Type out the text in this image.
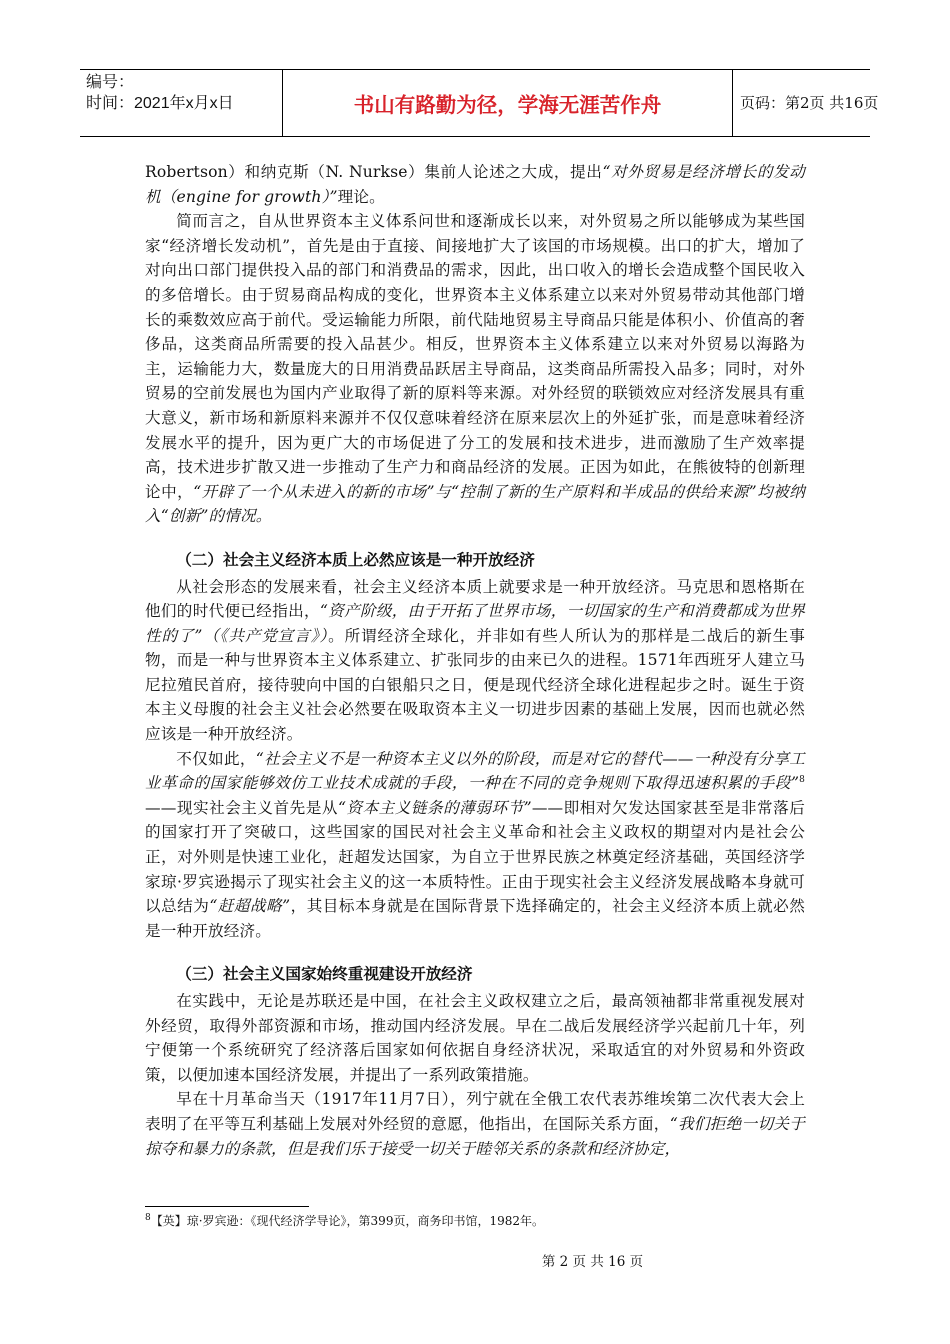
编号：
时间：2021年x月x日	书山有路勤为径，学海无涯苦作舟	页码：第2页 共16页

Robertson）和纳克斯（N. Nurkse）集前人论述之大成，提出“对外贸易是经济增长的发动机（engine for growth）”理论。

简而言之，自从世界资本主义体系问世和逐渐成长以来，对外贸易之所以能够成为某些国家“经济增长发动机”，首先是由于直接、间接地扩大了该国的市场规模。出口的扩大，增加了对向出口部门提供投入品的部门和消费品的需求，因此，出口收入的增长会造成整个国民收入的多倍增长。由于贸易商品构成的变化，世界资本主义体系建立以来对外贸易带动其他部门增长的乘数效应高于前代。受运输能力所限，前代陆地贸易主导商品只能是体积小、价值高的奢侈品，这类商品所需要的投入品甚少。相反，世界资本主义体系建立以来对外贸易以海路为主，运输能力大，数量庞大的日用消费品跃居主导商品，这类商品所需投入品多；同时，对外贸易的空前发展也为国内产业取得了新的原料等来源。对外经贸的联锁效应对经济发展具有重大意义，新市场和新原料来源并不仅仅意味着经济在原来层次上的外延扩张，而是意味着经济发展水平的提升，因为更广大的市场促进了分工的发展和技术进步，进而激励了生产效率提高，技术进步扩散又进一步推动了生产力和商品经济的发展。正因为如此，在熊彼特的创新理论中，“开辟了一个从未进入的新的市场”与“控制了新的生产原料和半成品的供给来源”均被纳入“创新”的情况。

（二）社会主义经济本质上必然应该是一种开放经济

从社会形态的发展来看，社会主义经济本质上就要求是一种开放经济。马克思和恩格斯在他们的时代便已经指出，“资产阶级，由于开拓了世界市场，一切国家的生产和消费都成为世界性的了”（《共产党宣言》）。所谓经济全球化，并非如有些人所认为的那样是二战后的新生事物，而是一种与世界资本主义体系建立、扩张同步的由来已久的进程。1571年西班牙人建立马尼拉殖民首府，接待驶向中国的白银船只之日，便是现代经济全球化进程起步之时。诞生于资本主义母腹的社会主义社会必然要在吸取资本主义一切进步因素的基础上发展，因而也就必然应该是一种开放经济。

不仅如此，“社会主义不是一种资本主义以外的阶段，而是对它的替代——一种没有分享工业革命的国家能够效仿工业技术成就的手段，一种在不同的竞争规则下取得迅速积累的手段”$^8$——现实社会主义首先是从“资本主义链条的薄弱环节”——即相对欠发达国家甚至是非常落后的国家打开了突破口，这些国家的国民对社会主义革命和社会主义政权的期望对内是社会公正，对外则是快速工业化，赶超发达国家，为自立于世界民族之林奠定经济基础，英国经济学家琼·罗宾逊揭示了现实社会主义的这一本质特性。正由于现实社会主义经济发展战略本身就可以总结为“赶超战略”，其目标本身就是在国际背景下选择确定的，社会主义经济本质上就必然是一种开放经济。

（三）社会主义国家始终重视建设开放经济

在实践中，无论是苏联还是中国，在社会主义政权建立之后，最高领袖都非常重视发展对外经贸，取得外部资源和市场，推动国内经济发展。早在二战后发展经济学兴起前几十年，列宁便第一个系统研究了经济落后国家如何依据自身经济状况，采取适宜的对外贸易和外资政策，以便加速本国经济发展，并提出了一系列政策措施。

早在十月革命当天（1917年11月7日），列宁就在全俄工农代表苏维埃第二次代表大会上表明了在平等互利基础上发展对外经贸的意愿，他指出，在国际关系方面，“我们拒绝一切关于掠夺和暴力的条款，但是我们乐于接受一切关于睦邻关系的条款和经济协定，

$^8$【英】琼·罗宾逊：《现代经济学导论》，第399页，商务印书馆，1982年。
第 2 页 共 16 页
